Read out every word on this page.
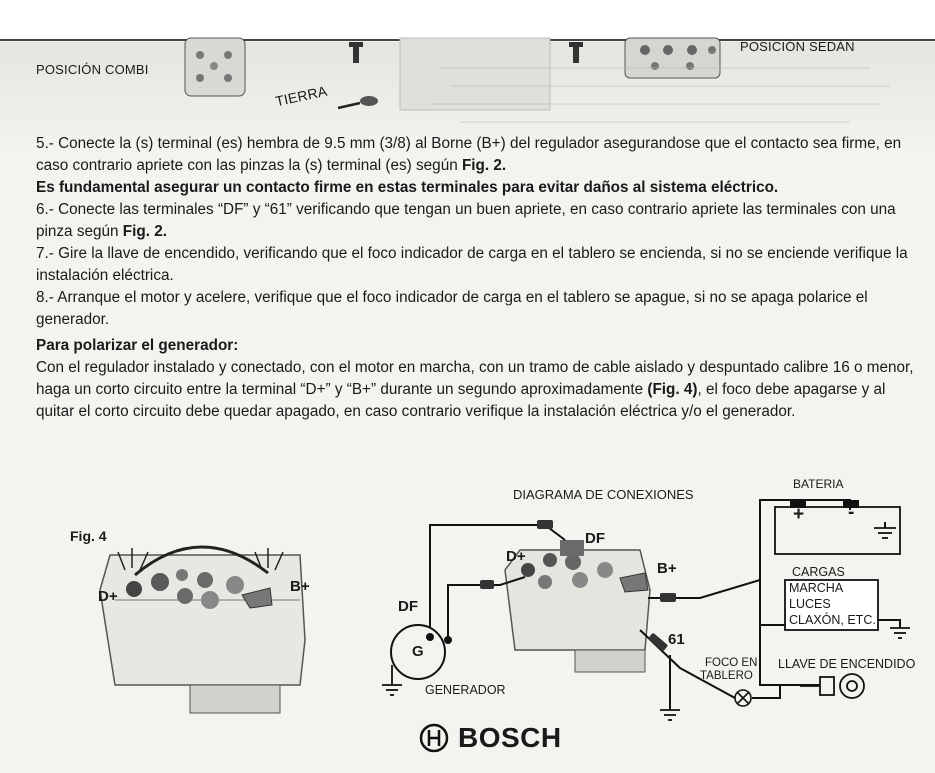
POSICIÓN COMBI
POSICIÓN SEDÁN
TIERRA

5.- Conecte la (s) terminal (es) hembra de 9.5 mm (3/8) al Borne (B+) del regulador asegurandose que el contacto sea firme, en caso contrario apriete con las pinzas la (s) terminal (es) según Fig. 2.

Es fundamental asegurar un contacto firme en estas terminales para evitar daños al sistema eléctrico.

6.- Conecte las terminales “DF” y “61” verificando que tengan un buen apriete, en caso contrario apriete las terminales con una pinza según Fig. 2.

7.- Gire la llave de encendido, verificando que el foco indicador de carga en el tablero se encienda, si no se enciende verifique la instalación eléctrica.

8.- Arranque el motor y acelere, verifique que el foco indicador de carga en el tablero se apague, si no se apaga polarice el generador.

Para polarizar el generador:

Con el regulador instalado y conectado, con el motor en marcha, con un tramo de cable aislado y despuntado calibre 16 o menor, haga un corto circuito entre la terminal “D+” y “B+” durante un segundo aproximadamente (Fig. 4), el foco debe apagarse y al quitar el corto circuito debe quedar apagado, en caso contrario verifique la instalación eléctrica y/o el generador.

Fig. 4
D+
B+
DIAGRAMA DE CONEXIONES
BATERIA
+ -
DF
D+
B+
DF
G
GENERADOR
61
CARGAS
MARCHA
LUCES
CLAXÓN, ETC.
FOCO EN
TABLERO
LLAVE DE ENCENDIDO
BOSCH
